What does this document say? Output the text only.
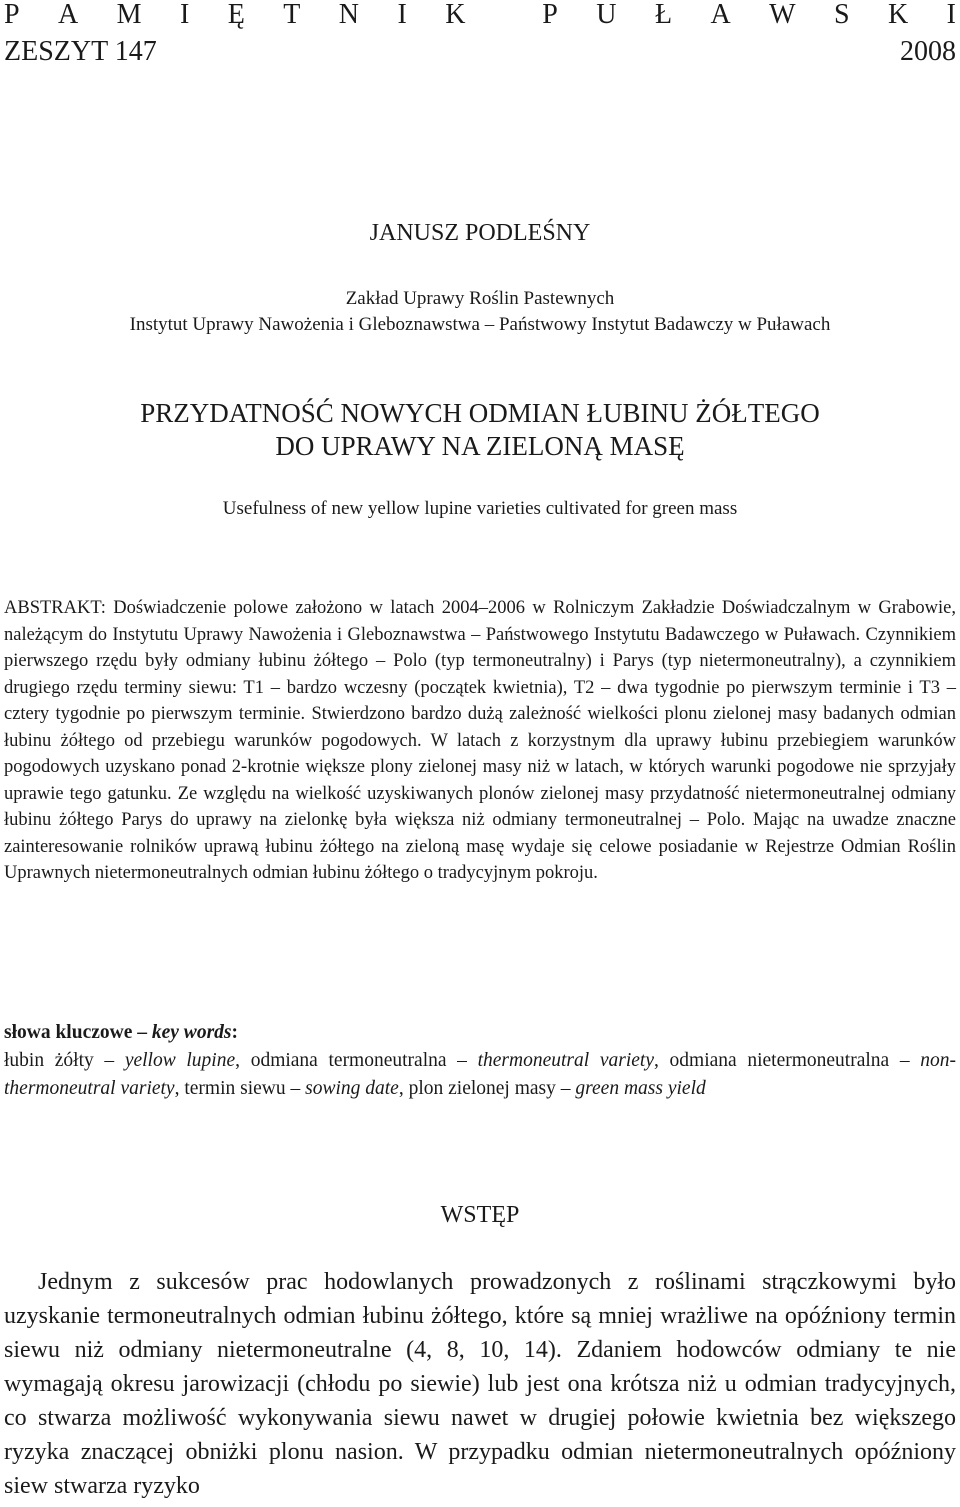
P A M I Ę T N I K	P U Ł A W S K I
ZESZYT 147	2008
JANUSZ PODLEŚNY
Zakład Uprawy Roślin Pastewnych
Instytut Uprawy Nawożenia i Gleboznawstwa – Państwowy Instytut Badawczy w Puławach
PRZYDATNOŚĆ NOWYCH ODMIAN ŁUBINU ŻÓŁTEGO
DO UPRAWY NA ZIELONĄ MASĘ
Usefulness of new yellow lupine varieties cultivated for green mass

ABSTRAKT: Doświadczenie polowe założono w latach 2004–2006 w Rolniczym Zakładzie Doświadczalnym w Grabowie, należącym do Instytutu Uprawy Nawożenia i Gleboznawstwa – Państwowego Instytutu Badawczego w Puławach. Czynnikiem pierwszego rzędu były odmiany łubinu żółtego – Polo (typ termoneutralny) i Parys (typ nietermoneutralny), a czynnikiem drugiego rzędu terminy siewu: T1 – bardzo wczesny (początek kwietnia), T2 – dwa tygodnie po pierwszym terminie i T3 – cztery tygodnie po pierwszym terminie. Stwierdzono bardzo dużą zależność wielkości plonu zielonej masy badanych odmian łubinu żółtego od przebiegu warunków pogodowych. W latach z korzystnym dla uprawy łubinu przebiegiem warunków pogodowych uzyskano ponad 2-krotnie większe plony zielonej masy niż w latach, w których warunki pogodowe nie sprzyjały uprawie tego gatunku. Ze względu na wielkość uzyskiwanych plonów zielonej masy przydatność nietermoneutralnej odmiany łubinu żółtego Parys do uprawy na zielonkę była większa niż odmiany termoneutralnej – Polo. Mając na uwadze znaczne zainteresowanie rolników uprawą łubinu żółtego na zieloną masę wydaje się celowe posiadanie w Rejestrze Odmian Roślin Uprawnych nietermoneutralnych odmian łubinu żółtego o tradycyjnym pokroju.

słowa kluczowe – key words:
łubin żółty – yellow lupine, odmiana termoneutralna – thermoneutral variety, odmiana nietermoneutralna – non-thermoneutral variety, termin siewu – sowing date, plon zielonej masy – green mass yield

WSTĘP

Jednym z sukcesów prac hodowlanych prowadzonych z roślinami strączkowymi było uzyskanie termoneutralnych odmian łubinu żółtego, które są mniej wrażliwe na opóźniony termin siewu niż odmiany nietermoneutralne (4, 8, 10, 14). Zdaniem hodowców odmiany te nie wymagają okresu jarowizacji (chłodu po siewie) lub jest ona krótsza niż u odmian tradycyjnych, co stwarza możliwość wykonywania siewu nawet w drugiej połowie kwietnia bez większego ryzyka znaczącej obniżki plonu nasion. W przypadku odmian nietermoneutralnych opóźniony siew stwarza ryzyko
